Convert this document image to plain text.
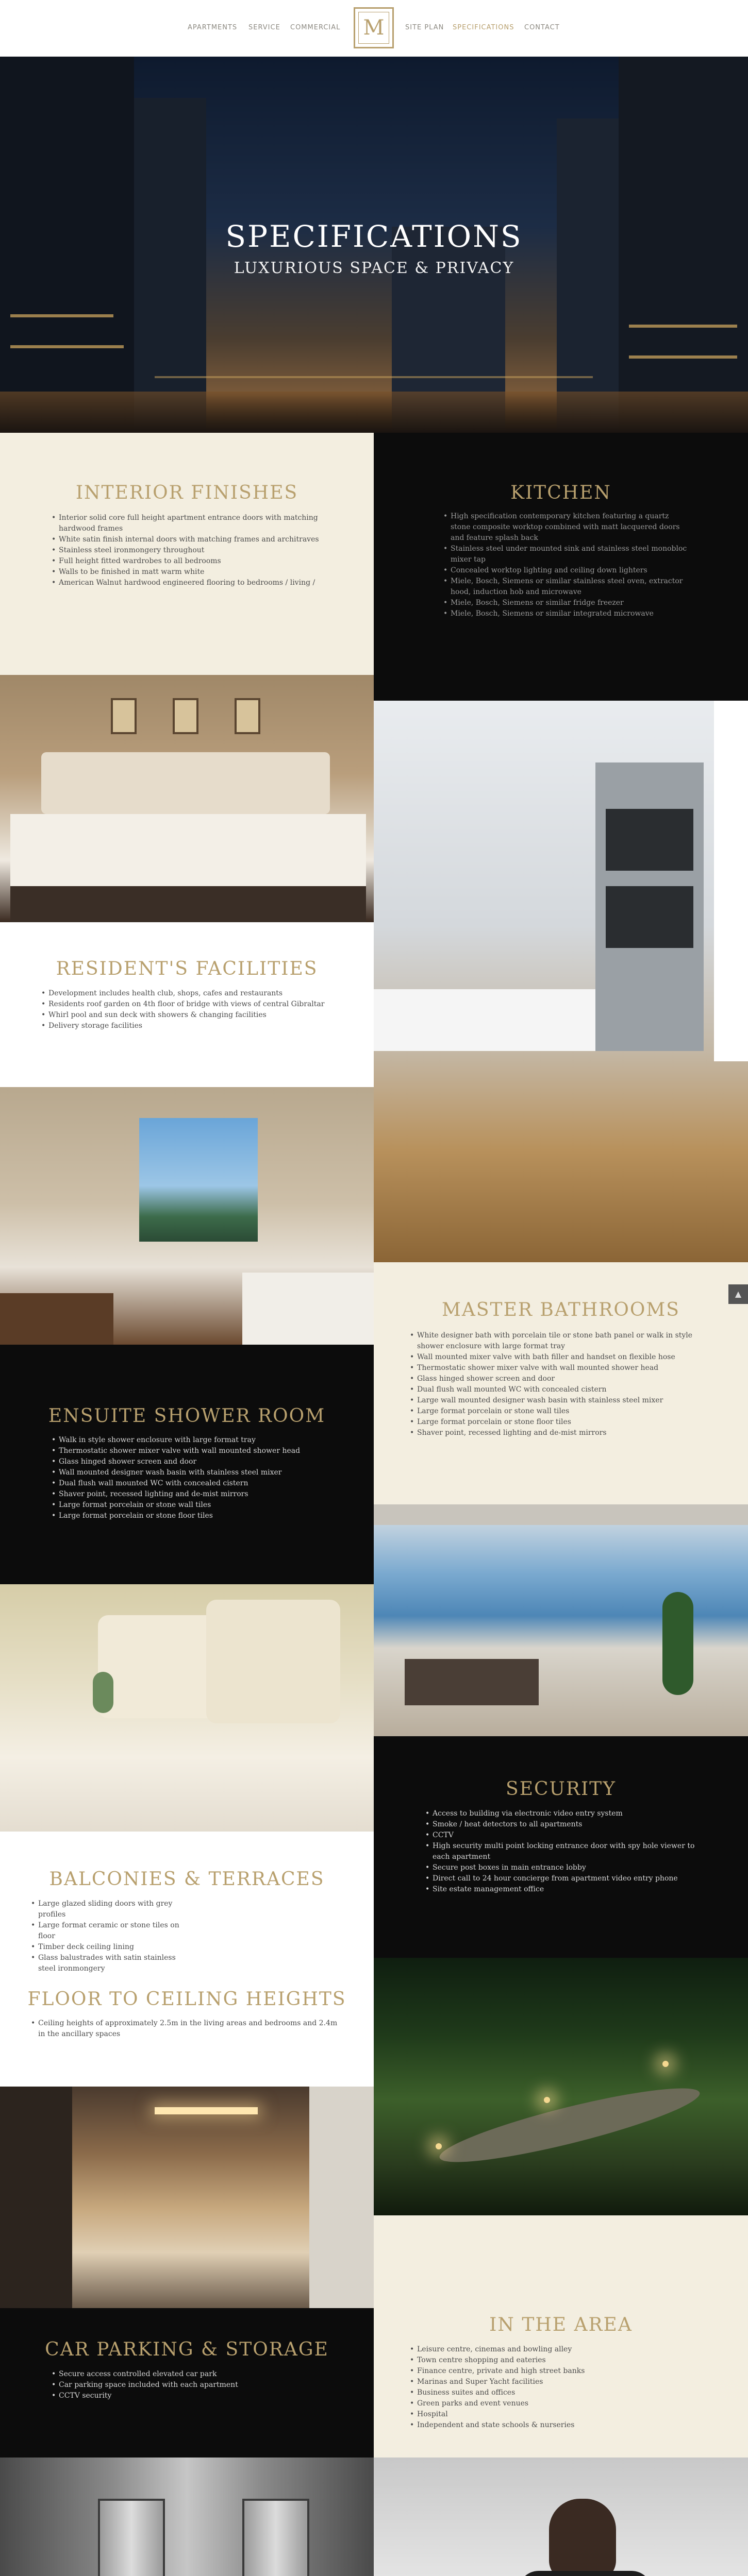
APARTMENTS SERVICE COMMERCIAL M	SITE PLAN SPECIFICATIONS CONTACT
SPECIFICATIONS
LUXURIOUS SPACE & PRIVACY
INTERIOR FINISHES
• Interior solid core full height apartment entrance doors with matching hardwood frames
• White satin finish internal doors with matching frames and architraves
• Stainless steel ironmongery throughout
• Full height fitted wardrobes to all bedrooms
• Walls to be finished in matt warm white
• American Walnut hardwood engineered flooring to bedrooms / living /
KITCHEN
• High specification contemporary kitchen featuring a quartz stone composite worktop combined with matt lacquered doors and feature splash back
• Stainless steel under mounted sink and stainless steel monobloc mixer tap
• Concealed worktop lighting and ceiling down lighters
• Miele, Bosch, Siemens or similar stainless steel oven, extractor hood, induction hob and microwave
• Miele, Bosch, Siemens or similar fridge freezer
• Miele, Bosch, Siemens or similar integrated microwave
RESIDENT'S FACILITIES
• Development includes health club, shops, cafes and restaurants
• Residents roof garden on 4th floor of bridge with views of central Gibraltar
• Whirl pool and sun deck with showers & changing facilities
• Delivery storage facilities
MASTER BATHROOMS
• White designer bath with porcelain tile or stone bath panel or walk in style shower enclosure with large format tray
• Wall mounted mixer valve with bath filler and handset on flexible hose
• Thermostatic shower mixer valve with wall mounted shower head
• Glass hinged shower screen and door
• Dual flush wall mounted WC with concealed cistern
• Large wall mounted designer wash basin with stainless steel mixer
• Large format porcelain or stone wall tiles
• Large format porcelain or stone floor tiles
• Shaver point, recessed lighting and de-mist mirrors
▲
ENSUITE SHOWER ROOM
• Walk in style shower enclosure with large format tray
• Thermostatic shower mixer valve with wall mounted shower head
• Glass hinged shower screen and door
• Wall mounted designer wash basin with stainless steel mixer
• Dual flush wall mounted WC with concealed cistern
• Shaver point, recessed lighting and de-mist mirrors
• Large format porcelain or stone wall tiles
• Large format porcelain or stone floor tiles
SECURITY
• Access to building via electronic video entry system
• Smoke / heat detectors to all apartments
• CCTV
• High security multi point locking entrance door with spy hole viewer to each apartment
• Secure post boxes in main entrance lobby
• Direct call to 24 hour concierge from apartment video entry phone
• Site estate management office
BALCONIES & TERRACES
• Large glazed sliding doors with grey profiles
• Large format ceramic or stone tiles on floor
• Timber deck ceiling lining
• Glass balustrades with satin stainless steel ironmongery
FLOOR TO CEILING HEIGHTS
• Ceiling heights of approximately 2.5m in the living areas and bedrooms and 2.4m in the ancillary spaces
IN THE AREA
• Leisure centre, cinemas and bowling alley
• Town centre shopping and eateries
• Finance centre, private and high street banks
• Marinas and Super Yacht facilities
• Business suites and offices
• Green parks and event venues
• Hospital
• Independent and state schools & nurseries
CAR PARKING & STORAGE
• Secure access controlled elevated car park
• Car parking space included with each apartment
• CCTV security
